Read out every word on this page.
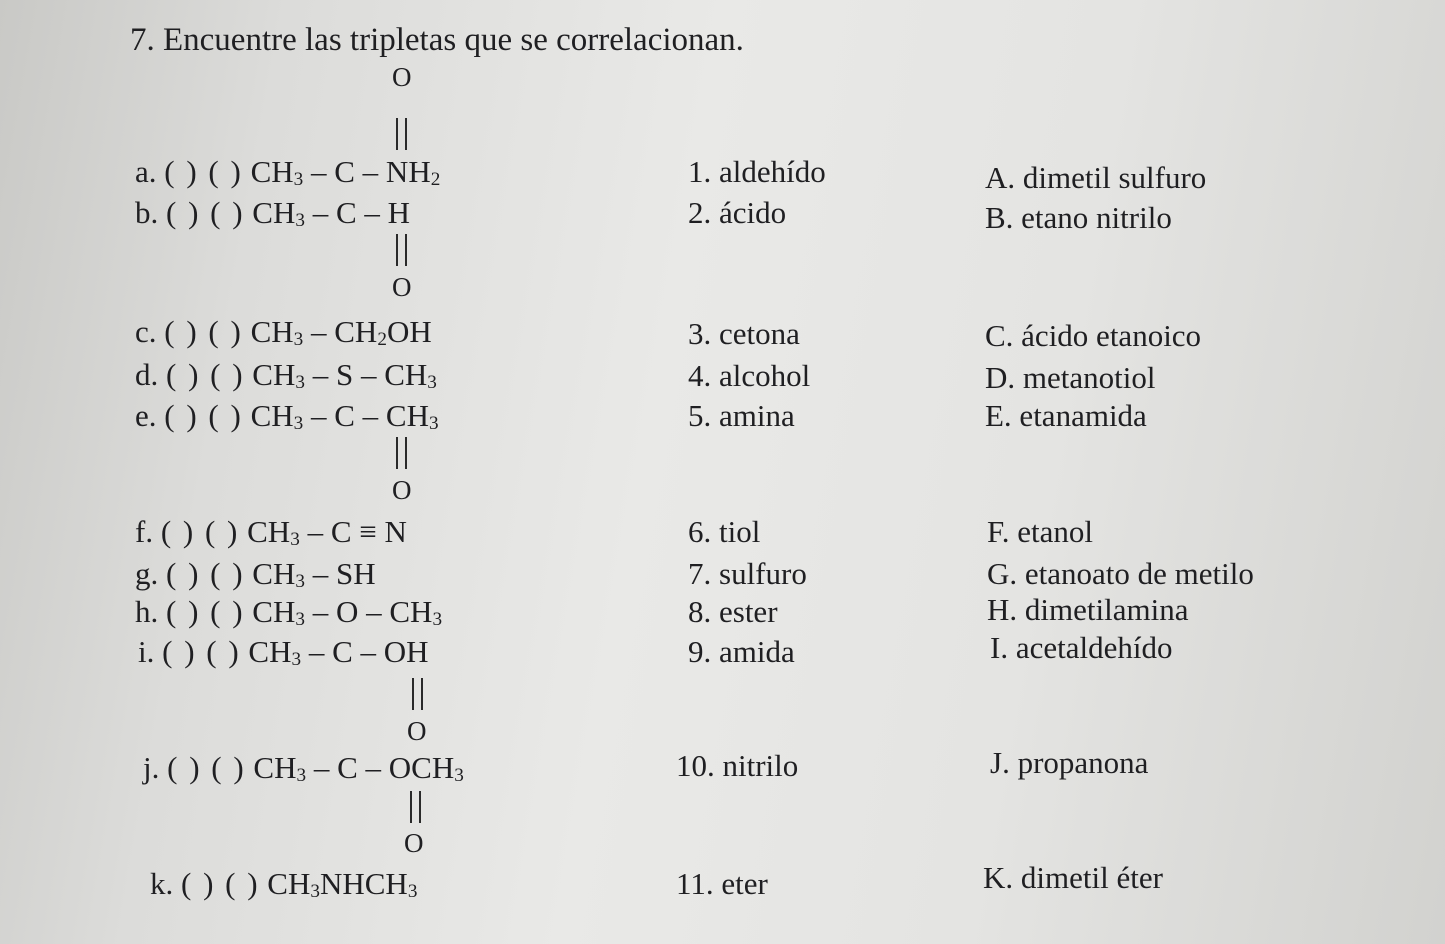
7. Encuentre las tripletas que se correlacionan.
O
a. ( ) ( ) CH3 – C – NH2
b. ( ) ( ) CH3 – C – H
O
c. ( ) ( ) CH3 – CH2OH
d. ( ) ( ) CH3 – S – CH3
e. ( ) ( ) CH3 – C – CH3
O
f. ( ) ( ) CH3 – C ≡ N
g. ( ) ( ) CH3 – SH
h. ( ) ( ) CH3 – O – CH3
i. ( ) ( ) CH3 – C – OH
O
j. ( ) ( ) CH3 – C – OCH3
O
k. ( ) ( ) CH3NHCH3
1. aldehído
2. ácido
3. cetona
4. alcohol
5. amina
6. tiol
7. sulfuro
8. ester
9. amida
10. nitrilo
11. eter
A. dimetil sulfuro
B. etano nitrilo
C. ácido etanoico
D. metanotiol
E. etanamida
F. etanol
G. etanoato de metilo
H. dimetilamina
I. acetaldehído
J. propanona
K. dimetil éter
